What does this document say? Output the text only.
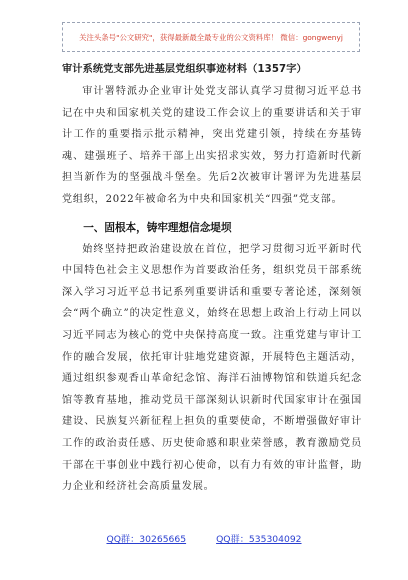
关注头条号"公文研究"，获得最新最全最专业的公文资料库！ 微信：gongwenyj
审计系统党支部先进基层党组织事迹材料（1357字）

审计署特派办企业审计处党支部认真学习贯彻习近平总书记在中央和国家机关党的建设工作会议上的重要讲话和关于审计工作的重要指示批示精神，突出党建引领，持续在夯基铸魂、建强班子、培养干部上出实招求实效，努力打造新时代新担当新作为的坚强战斗堡垒。先后2次被审计署评为先进基层党组织，2022年被命名为中央和国家机关“四强”党支部。

一、固根本，铸牢理想信念堤坝

始终坚持把政治建设放在首位，把学习贯彻习近平新时代中国特色社会主义思想作为首要政治任务，组织党员干部系统深入学习习近平总书记系列重要讲话和重要专著论述，深刻领会“两个确立”的决定性意义，始终在思想上政治上行动上同以习近平同志为核心的党中央保持高度一致。注重党建与审计工作的融合发展，依托审计驻地党建资源，开展特色主题活动，通过组织参观香山革命纪念馆、海洋石油博物馆和铁道兵纪念馆等教育基地，推动党员干部深刻认识新时代国家审计在强国建设、民族复兴新征程上担负的重要使命，不断增强做好审计工作的政治责任感、历史使命感和职业荣誉感，教育激励党员干部在干事创业中践行初心使命，以有力有效的审计监督，助力企业和经济社会高质量发展。

QQ群：30265665	QQ群：535304092
